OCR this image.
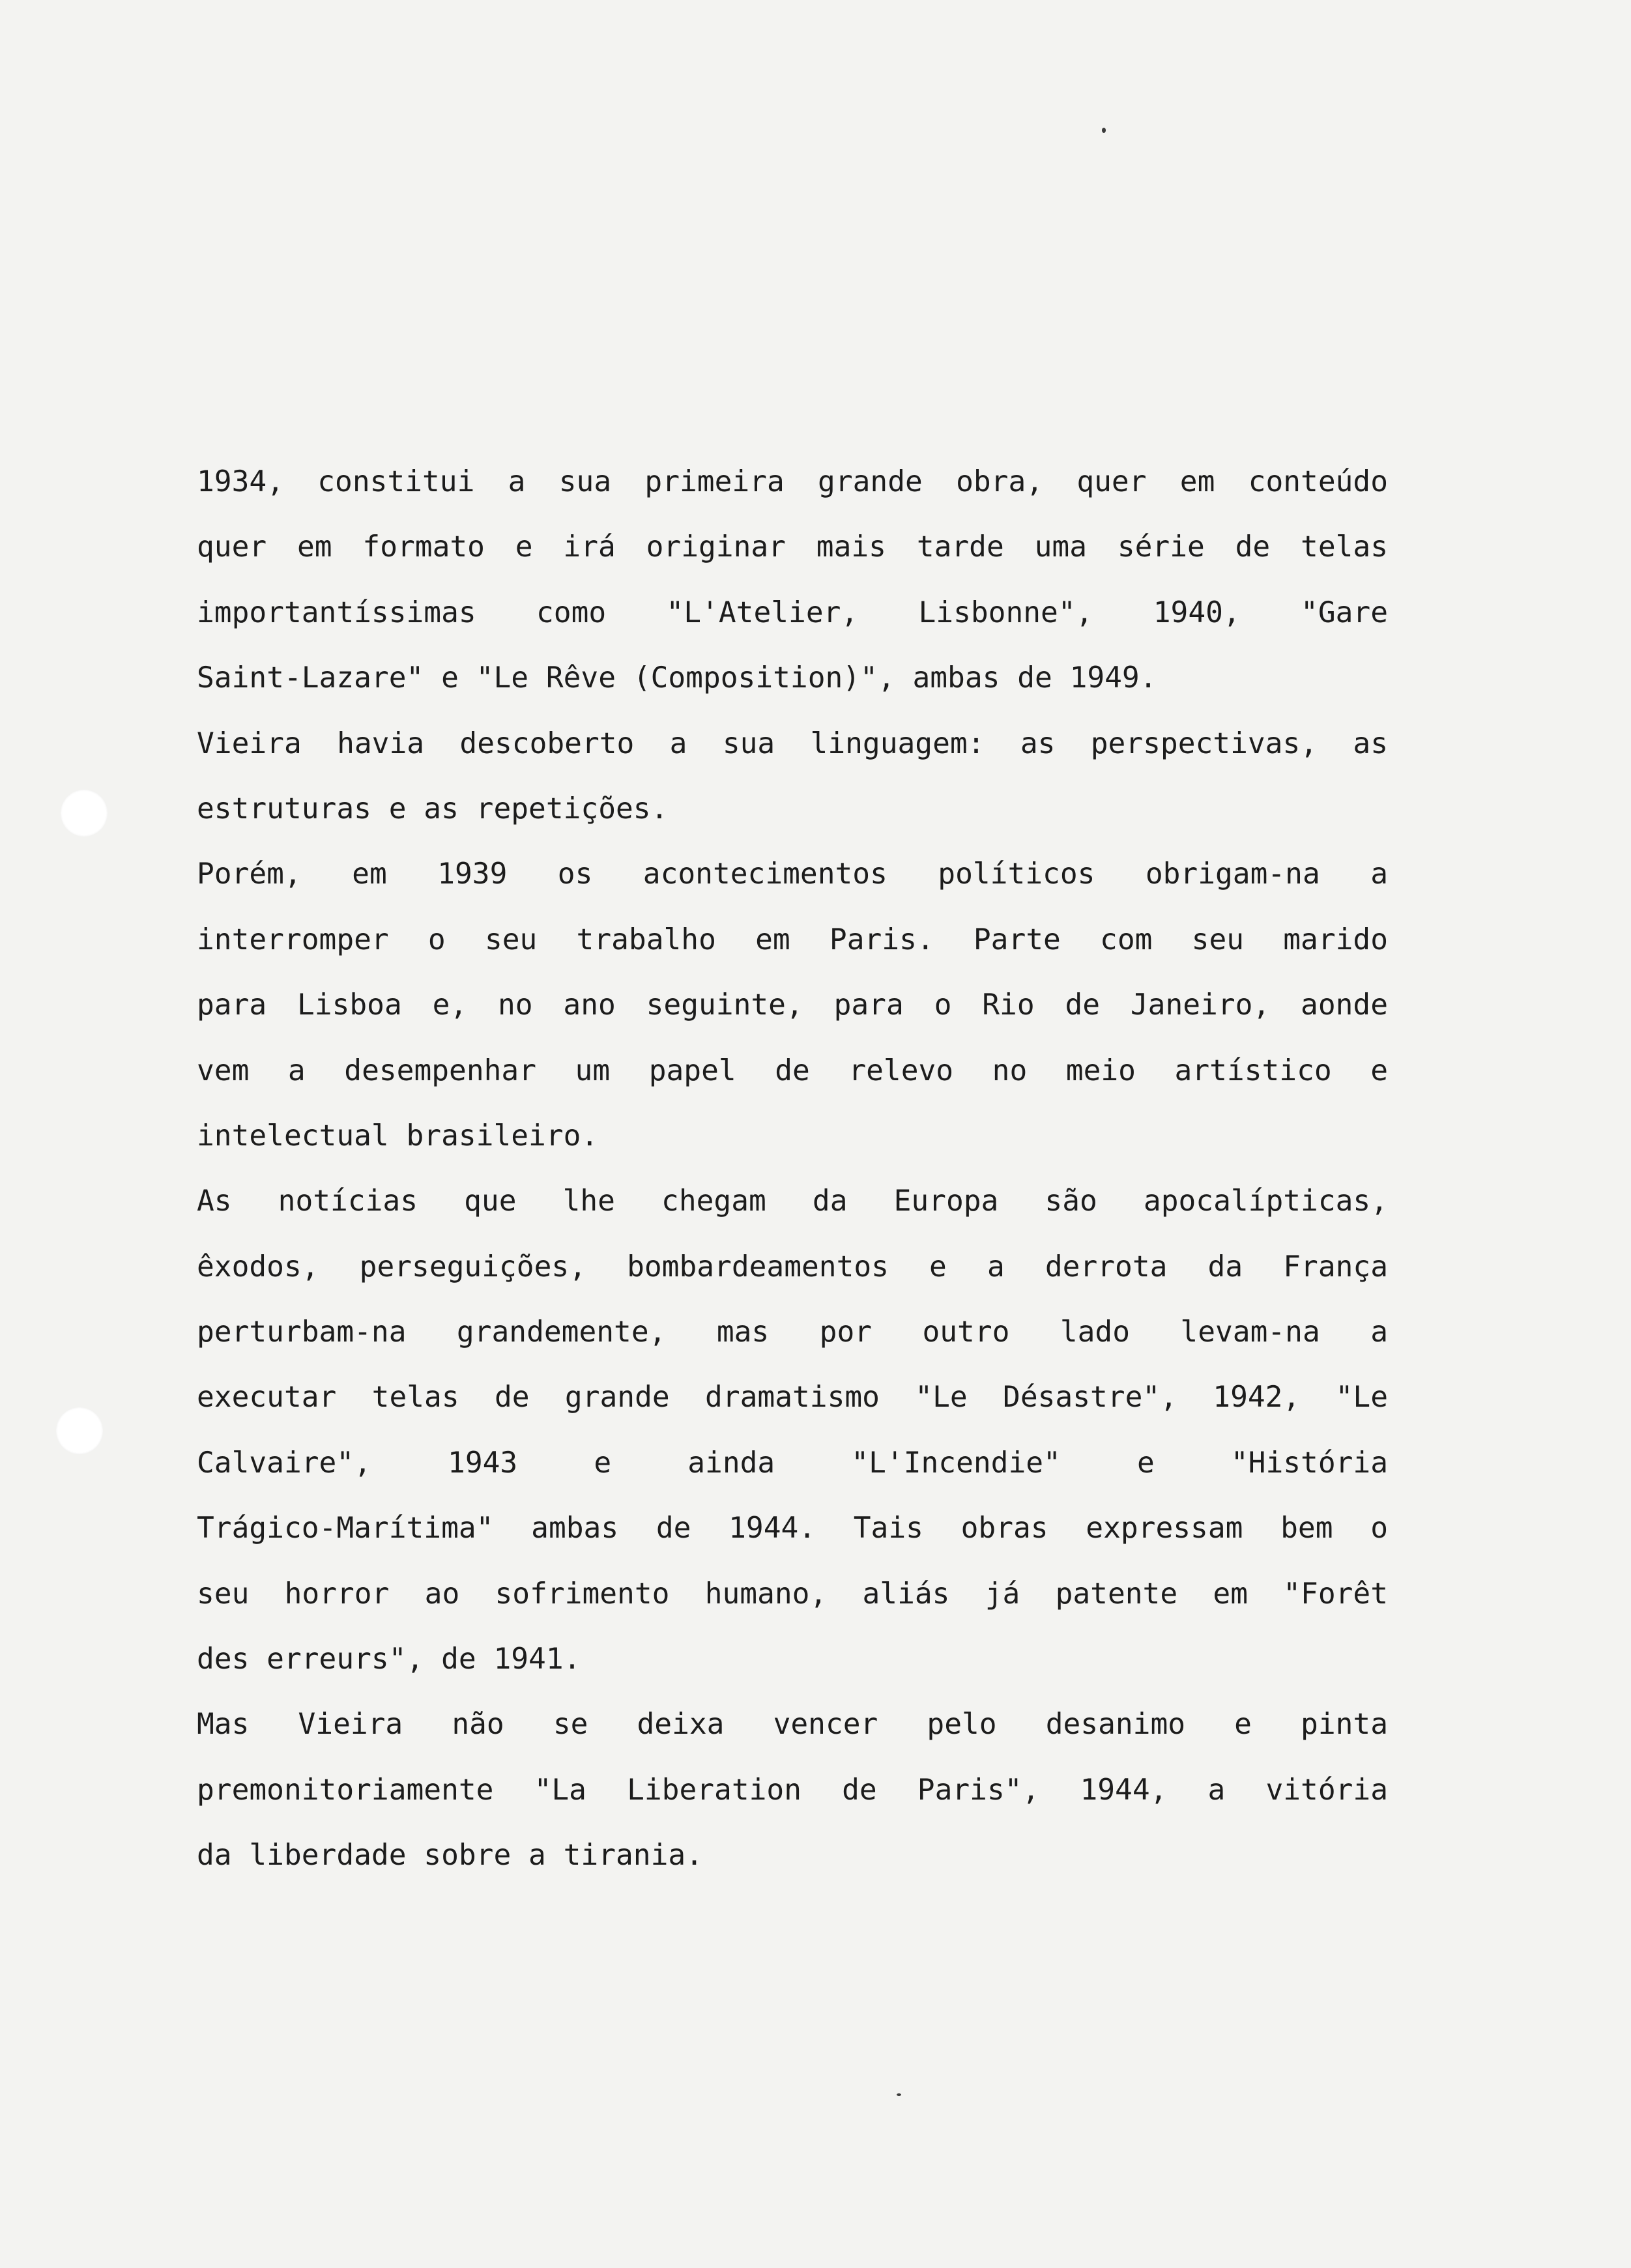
1934, constitui a sua primeira grande obra, quer em conteúdo
quer em formato e irá originar mais tarde uma série de telas
importantíssimas como "L'Atelier, Lisbonne", 1940, "Gare
Saint-Lazare" e "Le Rêve (Composition)", ambas de 1949.
Vieira havia descoberto a sua linguagem: as perspectivas, as
estruturas e as repetições.
Porém, em 1939 os acontecimentos políticos obrigam-na a
interromper o seu trabalho em Paris. Parte com seu marido
para Lisboa e, no ano seguinte, para o Rio de Janeiro, aonde
vem a desempenhar um papel de relevo no meio artístico e
intelectual brasileiro.
As notícias que lhe chegam da Europa são apocalípticas,
êxodos, perseguições, bombardeamentos e a derrota da França
perturbam-na grandemente, mas por outro lado levam-na a
executar telas de grande dramatismo "Le Désastre", 1942, "Le
Calvaire", 1943 e ainda "L'Incendie" e "História
Trágico-Marítima" ambas de 1944. Tais obras expressam bem o
seu horror ao sofrimento humano, aliás já patente em "Forêt
des erreurs", de 1941.
Mas Vieira não se deixa vencer pelo desanimo e pinta
premonitoriamente "La Liberation de Paris", 1944, a vitória
da liberdade sobre a tirania.
